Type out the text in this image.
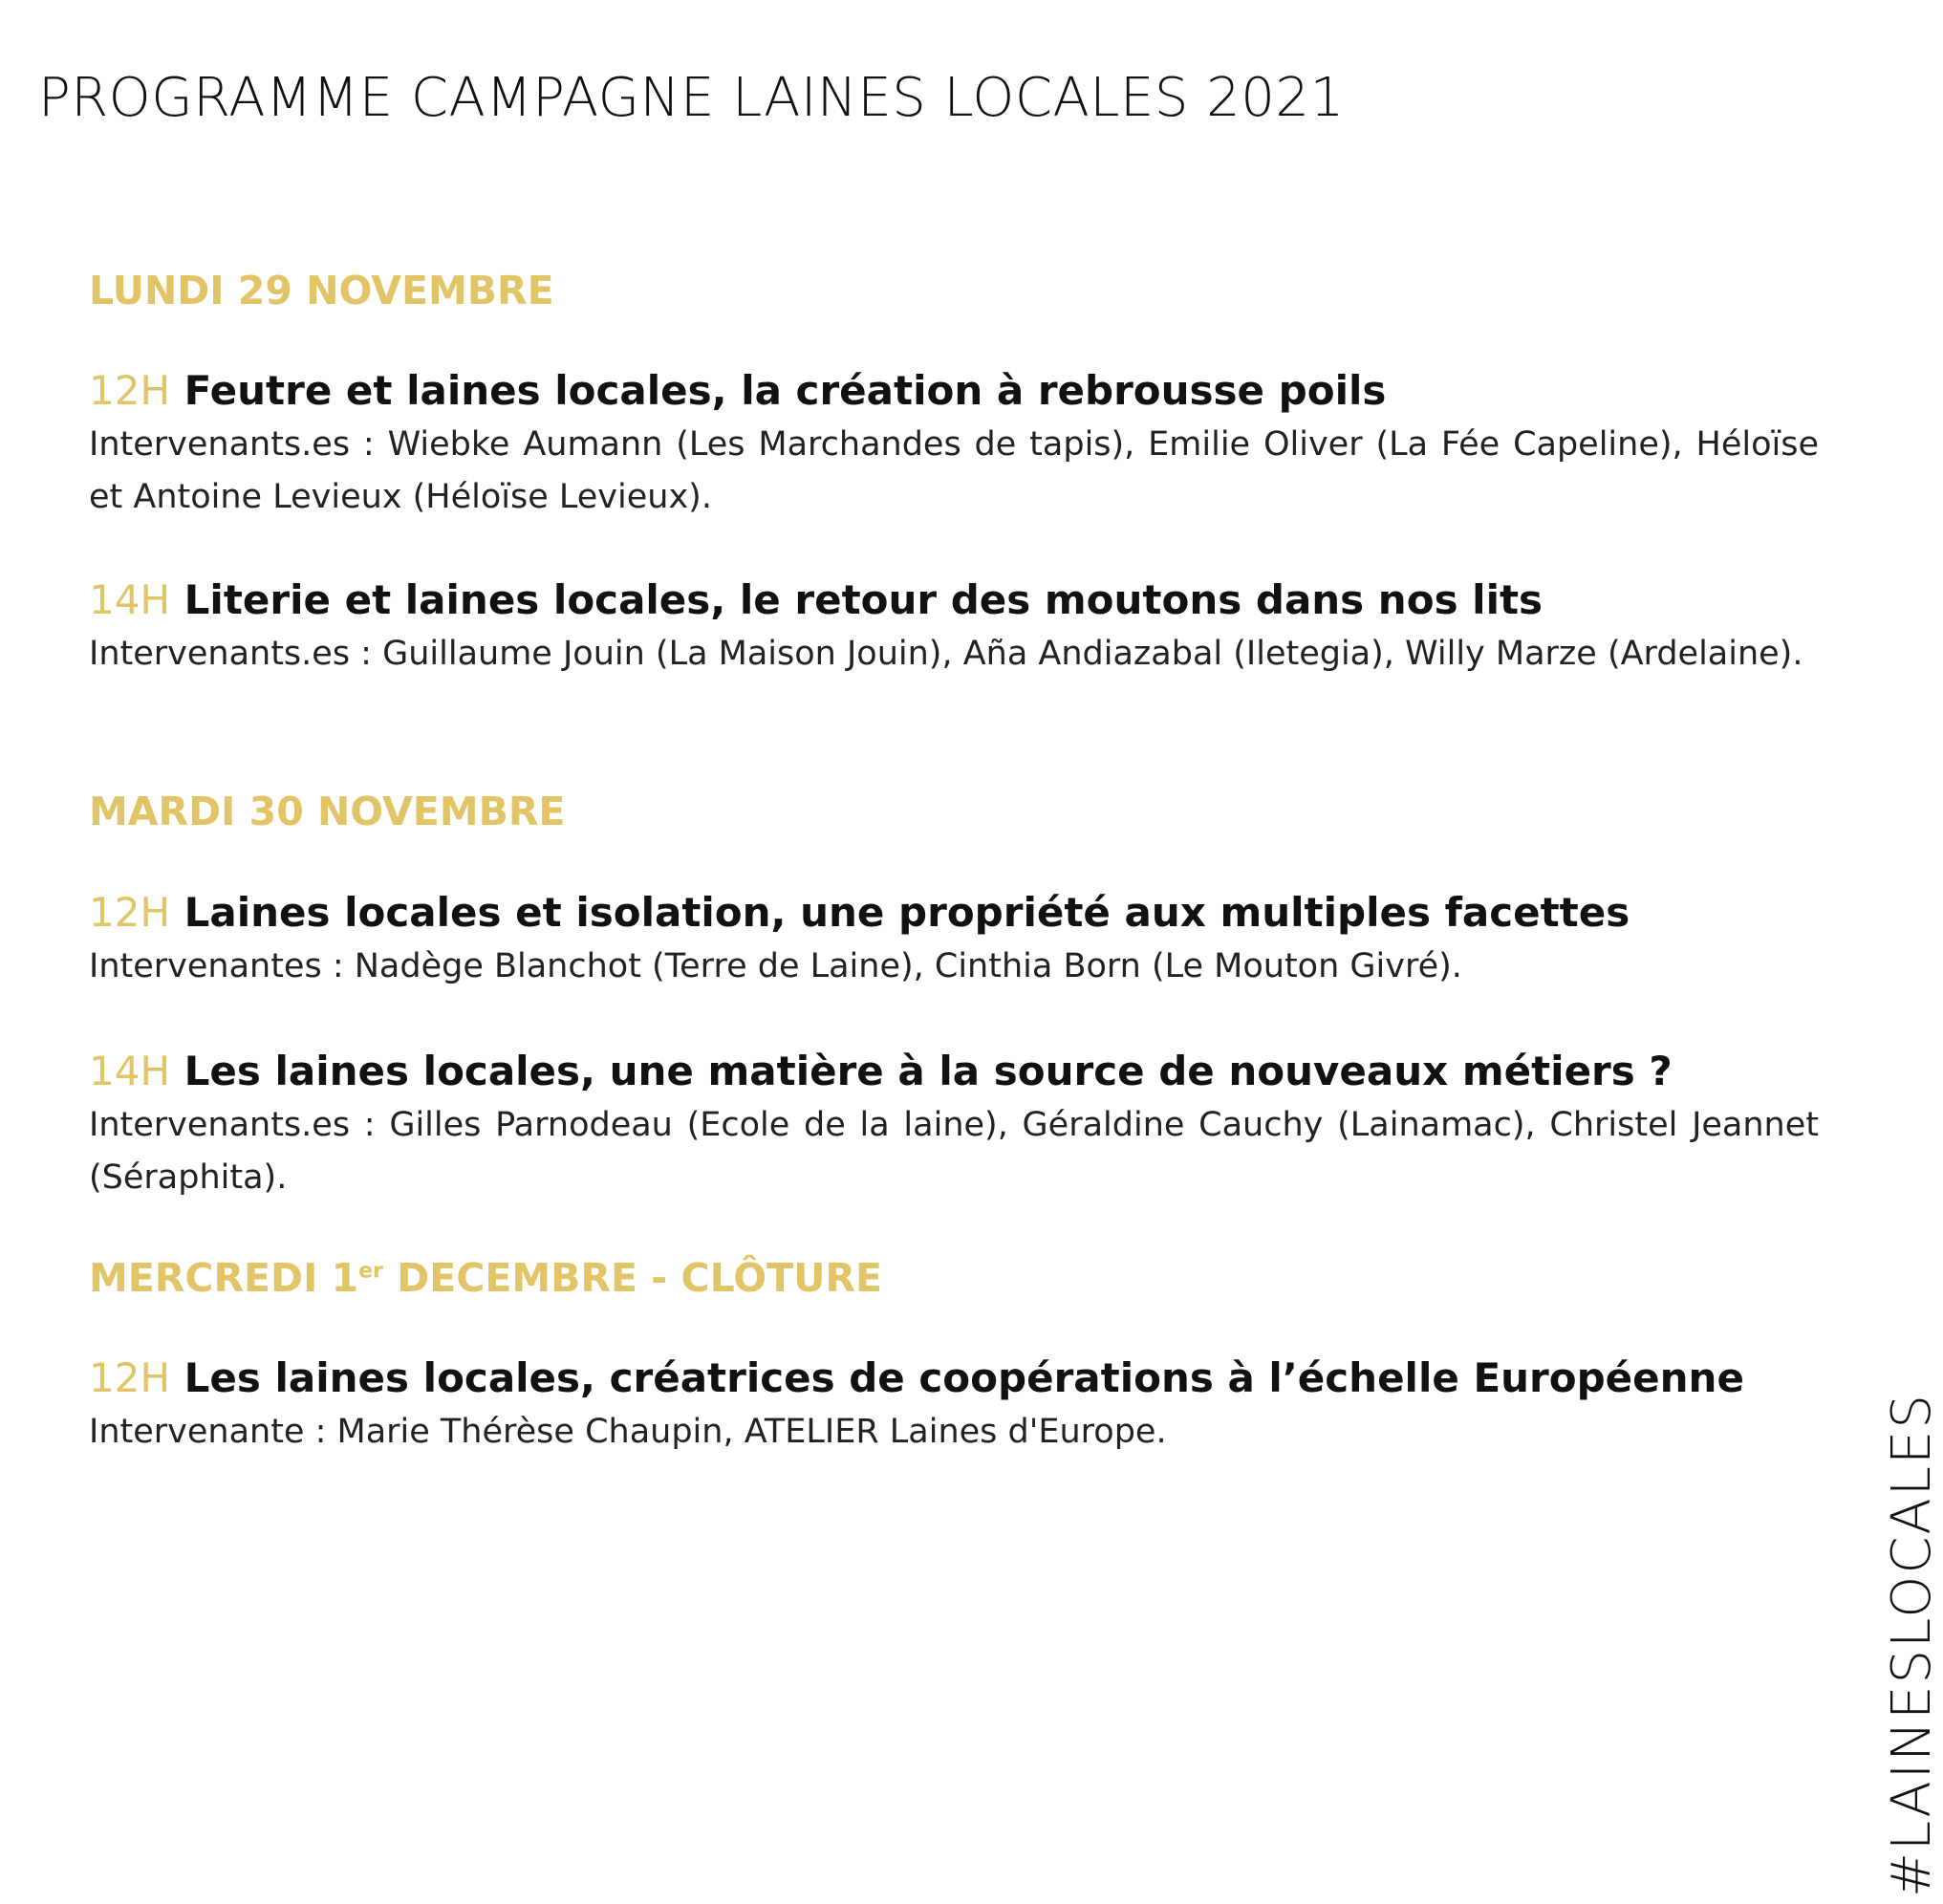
PROGRAMME CAMPAGNE LAINES LOCALES 2021
LUNDI 29 NOVEMBRE
12H Feutre et laines locales, la création à rebrousse poils
Intervenants.es : Wiebke Aumann (Les Marchandes de tapis), Emilie Oliver (La Fée Capeline), Héloïse et Antoine Levieux (Héloïse Levieux).
14H Literie et laines locales, le retour des moutons dans nos lits
Intervenants.es : Guillaume Jouin (La Maison Jouin), Aña Andiazabal (Iletegia), Willy Marze (Ardelaine).
MARDI 30 NOVEMBRE
12H Laines locales et isolation, une propriété aux multiples facettes
Intervenantes : Nadège Blanchot (Terre de Laine), Cinthia Born (Le Mouton Givré).
14H Les laines locales, une matière à la source de nouveaux métiers ?
Intervenants.es : Gilles Parnodeau (Ecole de la laine), Géraldine Cauchy (Lainamac), Christel Jeannet (Séraphita).
MERCREDI 1er DECEMBRE - CLÔTURE
12H Les laines locales, créatrices de coopérations à l’échelle Européenne
Intervenante : Marie Thérèse Chaupin, ATELIER Laines d'Europe.	#LAINESLOCALES
